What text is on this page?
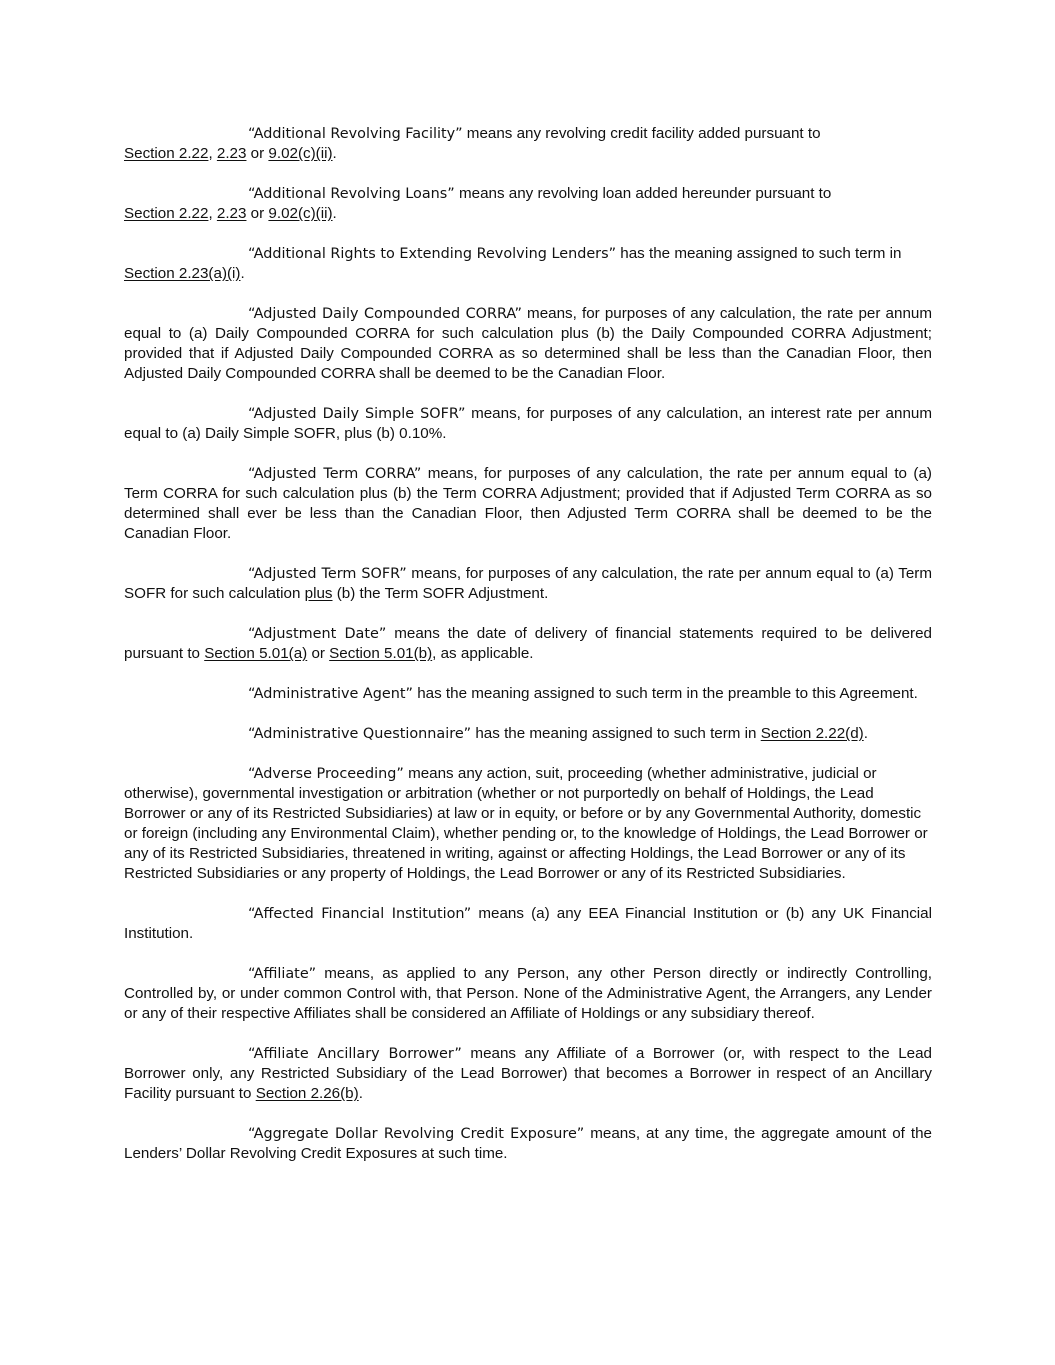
“Additional Revolving Facility” means any revolving credit facility added pursuant to
Section 2.22, 2.23 or 9.02(c)(ii).

“Additional Revolving Loans” means any revolving loan added hereunder pursuant to
Section 2.22, 2.23 or 9.02(c)(ii).

“Additional Rights to Extending Revolving Lenders” has the meaning assigned to such term in
Section 2.23(a)(i).

“Adjusted Daily Compounded CORRA” means, for purposes of any calculation, the rate per annum equal to (a) Daily Compounded CORRA for such calculation plus (b) the Daily Compounded CORRA Adjustment; provided that if Adjusted Daily Compounded CORRA as so determined shall be less than the Canadian Floor, then Adjusted Daily Compounded CORRA shall be deemed to be the Canadian Floor.

“Adjusted Daily Simple SOFR” means, for purposes of any calculation, an interest rate per annum equal to (a) Daily Simple SOFR, plus (b) 0.10%.

“Adjusted Term CORRA” means, for purposes of any calculation, the rate per annum equal to (a) Term CORRA for such calculation plus (b) the Term CORRA Adjustment; provided that if Adjusted Term CORRA as so determined shall ever be less than the Canadian Floor, then Adjusted Term CORRA shall be deemed to be the Canadian Floor.

“Adjusted Term SOFR” means, for purposes of any calculation, the rate per annum equal to (a) Term SOFR for such calculation plus (b) the Term SOFR Adjustment.

“Adjustment Date” means the date of delivery of financial statements required to be delivered pursuant to Section 5.01(a) or Section 5.01(b), as applicable.

“Administrative Agent” has the meaning assigned to such term in the preamble to this Agreement.

“Administrative Questionnaire” has the meaning assigned to such term in Section 2.22(d).

“Adverse Proceeding” means any action, suit, proceeding (whether administrative, judicial or otherwise), governmental investigation or arbitration (whether or not purportedly on behalf of Holdings, the Lead Borrower or any of its Restricted Subsidiaries) at law or in equity, or before or by any Governmental Authority, domestic or foreign (including any Environmental Claim), whether pending or, to the knowledge of Holdings, the Lead Borrower or any of its Restricted Subsidiaries, threatened in writing, against or affecting Holdings, the Lead Borrower or any of its Restricted Subsidiaries or any property of Holdings, the Lead Borrower or any of its Restricted Subsidiaries.

“Affected Financial Institution” means (a) any EEA Financial Institution or (b) any UK Financial Institution.

“Affiliate” means, as applied to any Person, any other Person directly or indirectly Controlling, Controlled by, or under common Control with, that Person. None of the Administrative Agent, the Arrangers, any Lender or any of their respective Affiliates shall be considered an Affiliate of Holdings or any subsidiary thereof.

“Affiliate Ancillary Borrower” means any Affiliate of a Borrower (or, with respect to the Lead Borrower only, any Restricted Subsidiary of the Lead Borrower) that becomes a Borrower in respect of an Ancillary Facility pursuant to Section 2.26(b).

“Aggregate Dollar Revolving Credit Exposure” means, at any time, the aggregate amount of the Lenders’ Dollar Revolving Credit Exposures at such time.
